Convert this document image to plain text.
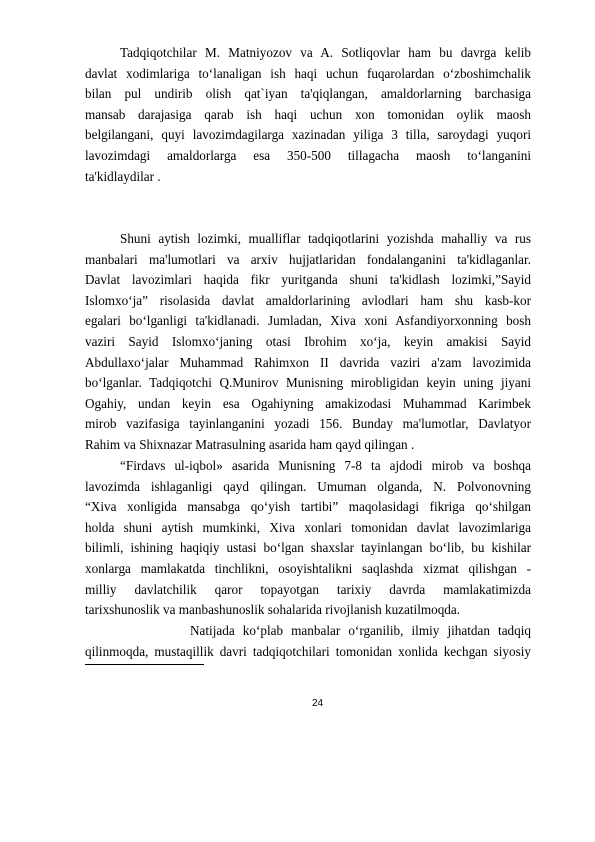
Tadqiqotchilar M. Matniyozov va A. Sotliqovlar ham bu davrga kelib
davlat xodimlariga to‘lanaligan ish haqi uchun fuqarolardan o‘zboshimchalik
bilan pul undirib olish qat`iyan ta'qiqlangan, amaldorlarning barchasiga
mansab darajasiga qarab ish haqi uchun xon tomonidan oylik maosh
belgilangani, quyi lavozimdagilarga xazinadan yiliga 3 tilla, saroydagi yuqori
lavozimdagi amaldorlarga esa 350-500 tillagacha maosh to‘langanini
ta'kidlaydilar .
Shuni aytish lozimki, mualliflar tadqiqotlarini yozishda mahalliy va rus
manbalari ma'lumotlari va arxiv hujjatlaridan fondalanganini ta'kidlaganlar.
Davlat lavozimlari haqida fikr yuritganda shuni ta'kidlash lozimki,”Sayid
Islomxo‘ja” risolasida davlat amaldorlarining avlodlari ham shu kasb-kor
egalari bo‘lganligi ta'kidlanadi. Jumladan, Xiva xoni Asfandiyorxonning bosh
vaziri Sayid Islomxo‘janing otasi Ibrohim xo‘ja, keyin amakisi Sayid
Abdullaxo‘jalar Muhammad Rahimxon II davrida vaziri a'zam lavozimida
bo‘lganlar. Tadqiqotchi Q.Munirov Munisning mirobligidan keyin uning jiyani
Ogahiy, undan keyin esa Ogahiyning amakizodasi Muhammad Karimbek
mirob vazifasiga tayinlanganini yozadi 156. Bunday ma'lumotlar, Davlatyor
Rahim va Shixnazar Matrasulning asarida ham qayd qilingan .
“Firdavs ul-iqbol» asarida Munisning 7-8 ta ajdodi mirob va boshqa
lavozimda ishlaganligi qayd qilingan. Umuman olganda, N. Polvonovning
“Xiva xonligida mansabga qo‘yish tartibi” maqolasidagi fikriga qo‘shilgan
holda shuni aytish mumkinki, Xiva xonlari tomonidan davlat lavozimlariga
bilimli, ishining haqiqiy ustasi bo‘lgan shaxslar tayinlangan bo‘lib, bu kishilar
xonlarga mamlakatda tinchlikni, osoyishtalikni saqlashda xizmat qilishgan -
milliy davlatchilik qaror topayotgan tarixiy davrda mamlakatimizda
tarixshunoslik va manbashunoslik sohalarida rivojlanish kuzatilmoqda.
Natijada ko‘plab manbalar o‘rganilib, ilmiy jihatdan tadqiq
qilinmoqda, mustaqillik davri tadqiqotchilari tomonidan xonlida kechgan siyosiy
24
